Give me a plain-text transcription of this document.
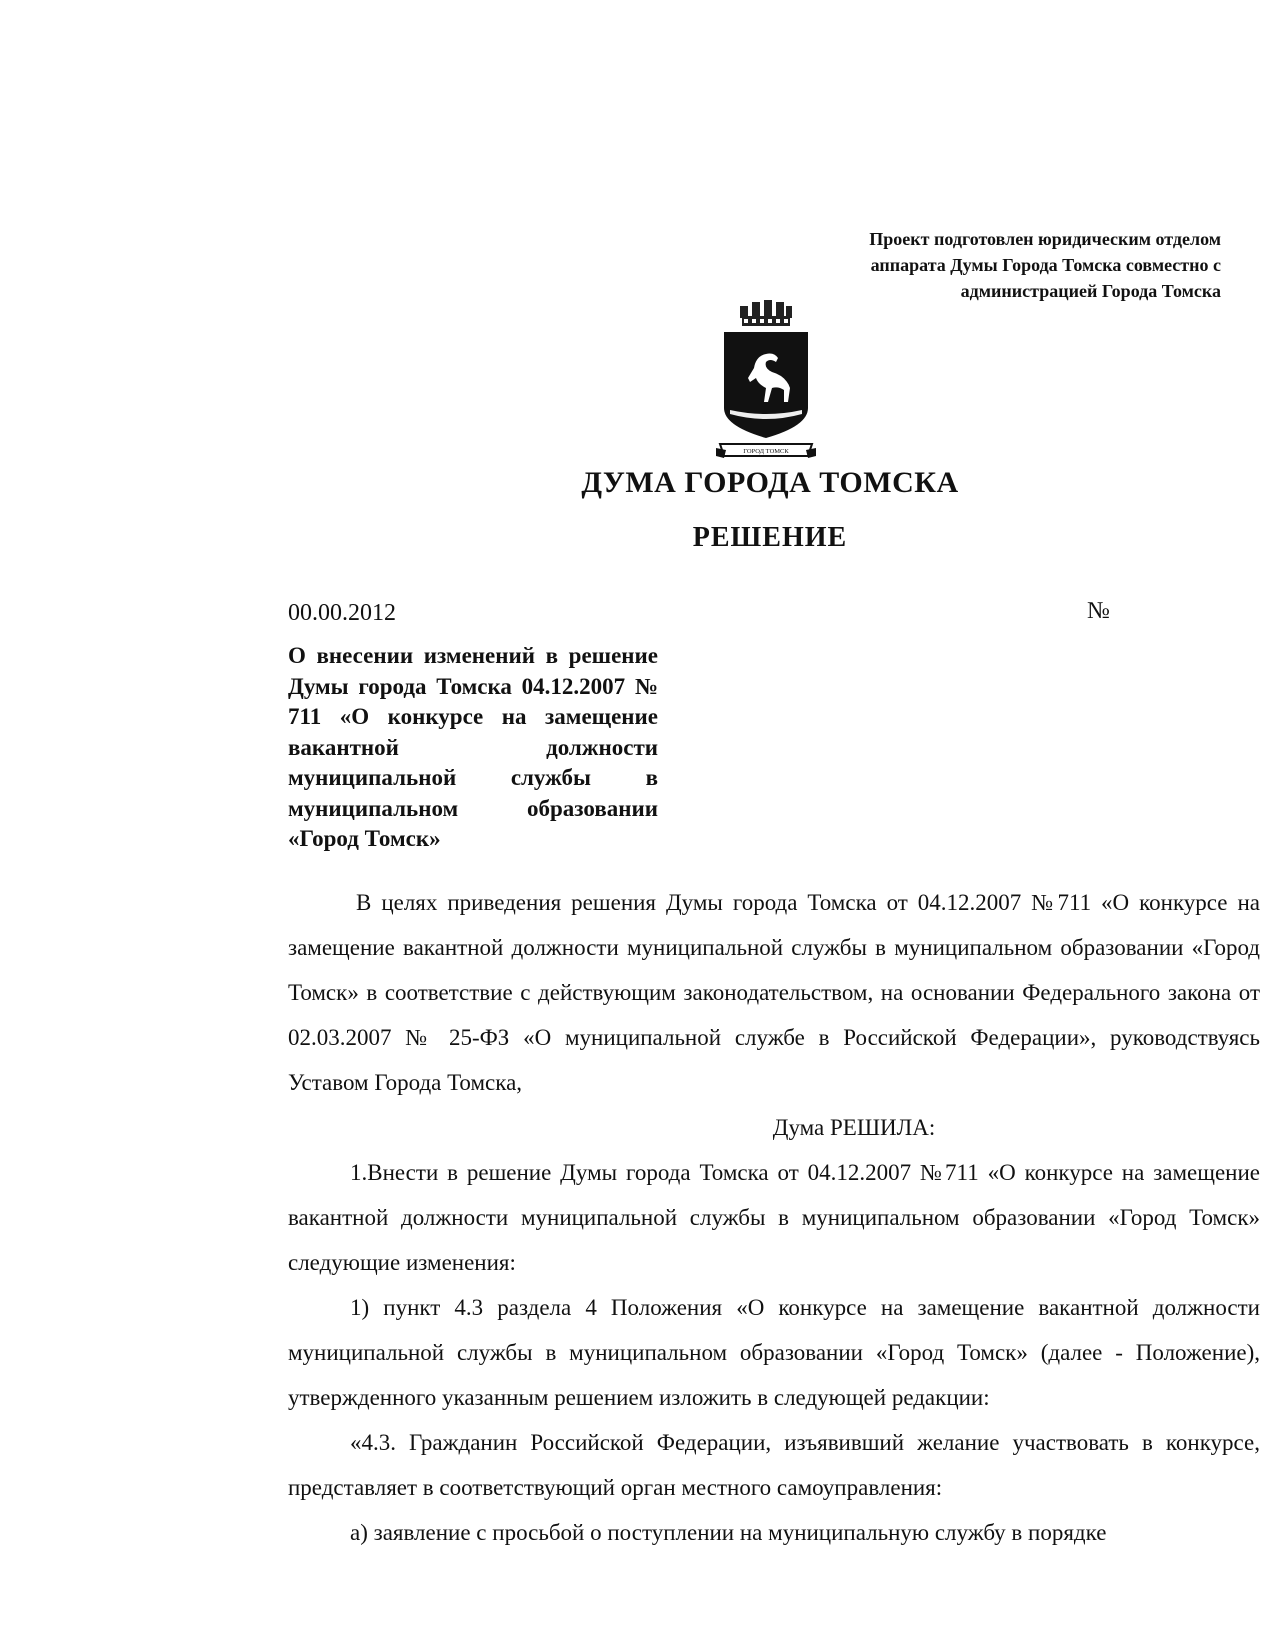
Проект подготовлен юридическим отделом
аппарата Думы Города Томска совместно с
администрацией Города Томска
ГОРОД ТОМСК
ДУМА ГОРОДА ТОМСКА
РЕШЕНИЕ
00.00.2012	№
О внесении изменений в решение Думы города Томска 04.12.2007 № 711 «О конкурсе на замещение вакантной должности муниципальной службы в муниципальном образовании «Город Томск»

В целях приведения решения Думы города Томска от 04.12.2007 №711 «О конкурсе на замещение вакантной должности муниципальной службы в муниципальном образовании «Город Томск» в соответствие с действующим законодательством, на основании Федерального закона от 02.03.2007 № 25-ФЗ «О муниципальной службе в Российской Федерации», руководствуясь Уставом Города Томска,

Дума РЕШИЛА:

1.Внести в решение Думы города Томска от 04.12.2007 №711 «О конкурсе на замещение вакантной должности муниципальной службы в муниципальном образовании «Город Томск» следующие изменения:

1) пункт 4.3 раздела 4 Положения «О конкурсе на замещение вакантной должности муниципальной службы в муниципальном образовании «Город Томск» (далее - Положение), утвержденного указанным решением изложить в следующей редакции:

«4.3. Гражданин Российской Федерации, изъявивший желание участвовать в конкурсе, представляет в соответствующий орган местного самоуправления:

а) заявление с просьбой о поступлении на муниципальную службу в порядке
